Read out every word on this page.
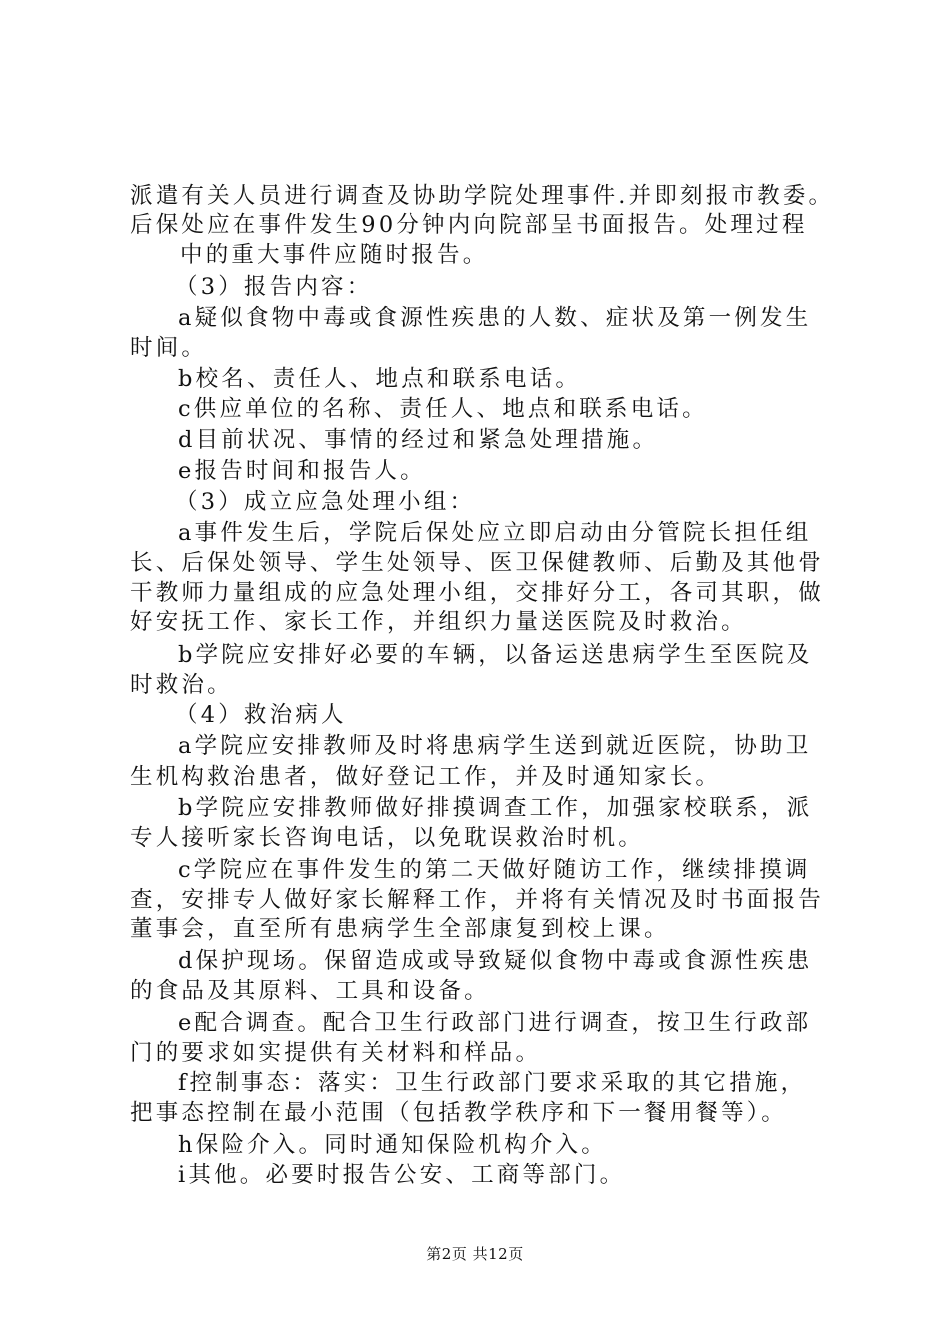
派遣有关人员进行调查及协助学院处理事件.并即刻报市教委。
后保处应在事件发生90分钟内向院部呈书面报告。处理过程
中的重大事件应随时报告。
（3）报告内容：
a疑似食物中毒或食源性疾患的人数、症状及第一例发生
时间。
b校名、责任人、地点和联系电话。
c供应单位的名称、责任人、地点和联系电话。
d目前状况、事情的经过和紧急处理措施。
e报告时间和报告人。
（3）成立应急处理小组：
a事件发生后，学院后保处应立即启动由分管院长担任组
长、后保处领导、学生处领导、医卫保健教师、后勤及其他骨
干教师力量组成的应急处理小组，交排好分工，各司其职，做
好安抚工作、家长工作，并组织力量送医院及时救治。
b学院应安排好必要的车辆，以备运送患病学生至医院及
时救治。
（4）救治病人
a学院应安排教师及时将患病学生送到就近医院，协助卫
生机构救治患者，做好登记工作，并及时通知家长。
b学院应安排教师做好排摸调查工作，加强家校联系，派
专人接听家长咨询电话，以免耽误救治时机。
c学院应在事件发生的第二天做好随访工作，继续排摸调
查，安排专人做好家长解释工作，并将有关情况及时书面报告
董事会，直至所有患病学生全部康复到校上课。
d保护现场。保留造成或导致疑似食物中毒或食源性疾患
的食品及其原料、工具和设备。
e配合调查。配合卫生行政部门进行调查，按卫生行政部
门的要求如实提供有关材料和样品。
f控制事态：落实：卫生行政部门要求采取的其它措施，
把事态控制在最小范围（包括教学秩序和下一餐用餐等）。
h保险介入。同时通知保险机构介入。
i其他。必要时报告公安、工商等部门。
第2页 共12页
